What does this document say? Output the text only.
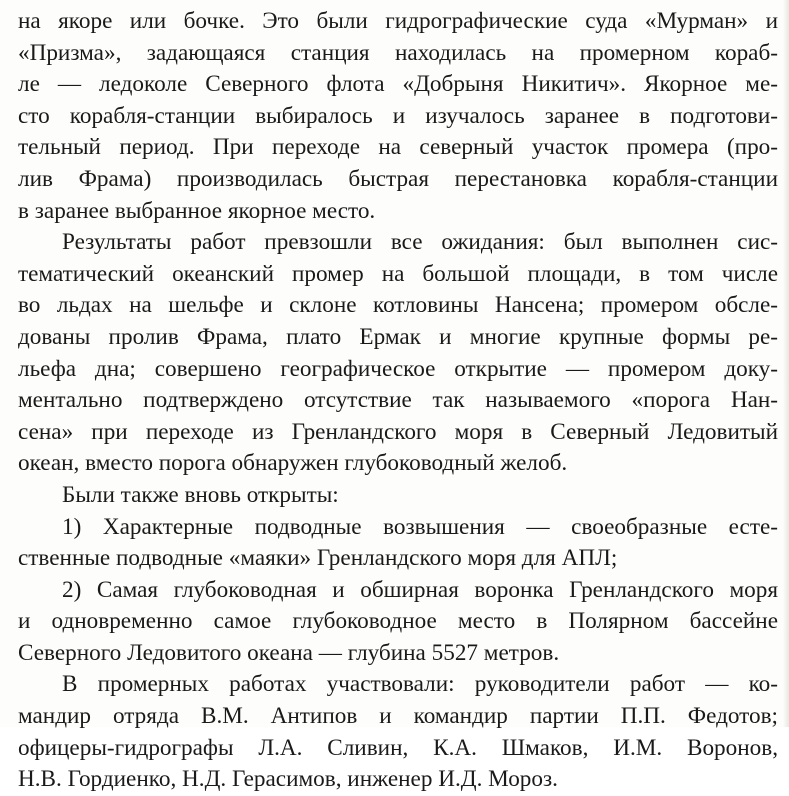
на якоре или бочке. Это были гидрографические суда «Мурман» и
«Призма», задающаяся станция находилась на промерном кораб-
ле — ледоколе Северного флота «Добрыня Никитич». Якорное ме-
сто корабля-станции выбиралось и изучалось заранее в подготови-
тельный период. При переходе на северный участок промера (про-
лив Фрама) производилась быстрая перестановка корабля-станции
в заранее выбранное якорное место.
Результаты работ превзошли все ожидания: был выполнен сис-
тематический океанский промер на большой площади, в том числе
во льдах на шельфе и склоне котловины Нансена; промером обсле-
дованы пролив Фрама, плато Ермак и многие крупные формы ре-
льефа дна; совершено географическое открытие — промером доку-
ментально подтверждено отсутствие так называемого «порога Нан-
сена» при переходе из Гренландского моря в Северный Ледовитый
океан, вместо порога обнаружен глубоководный желоб.
Были также вновь открыты:
1) Характерные подводные возвышения — своеобразные есте-
ственные подводные «маяки» Гренландского моря для АПЛ;
2) Самая глубоководная и обширная воронка Гренландского моря
и одновременно самое глубоководное место в Полярном бассейне
Северного Ледовитого океана — глубина 5527 метров.
В промерных работах участвовали: руководители работ — ко-
мандир отряда В.М. Антипов и командир партии П.П. Федотов;
офицеры-гидрографы Л.А. Сливин, К.А. Шмаков, И.М. Воронов,
Н.В. Гордиенко, Н.Д. Герасимов, инженер И.Д. Мороз.
